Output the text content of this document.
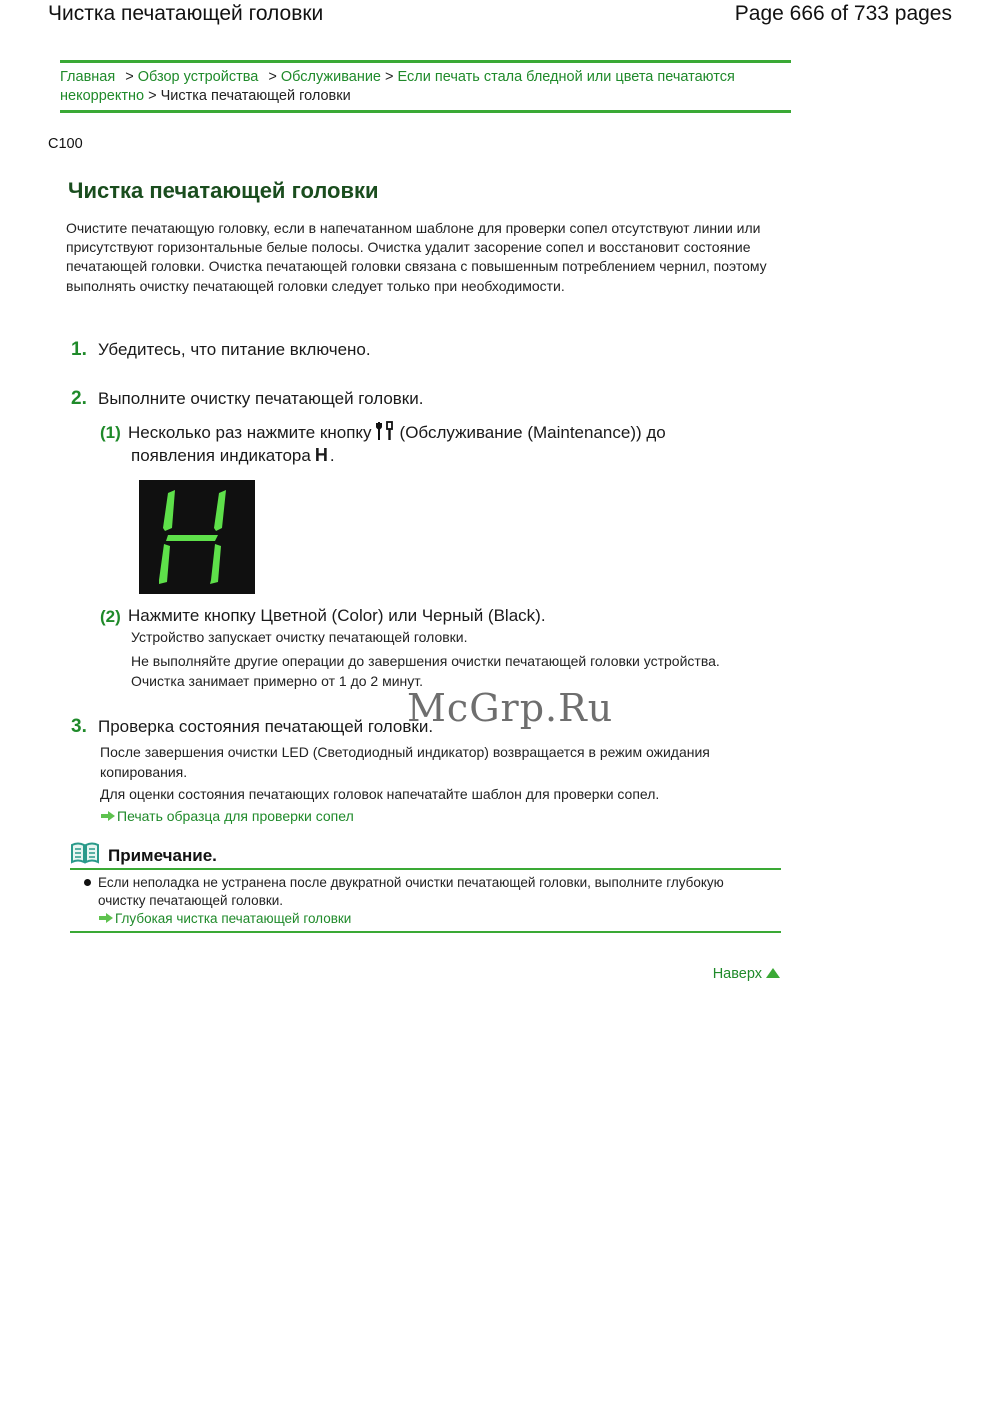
Чистка печатающей головки	Page 666 of 733 pages
Главная > Обзор устройства > Обслуживание > Если печать стала бледной или цвета печатаются некорректно > Чистка печатающей головки
C100
Чистка печатающей головки

Очистите печатающую головку, если в напечатанном шаблоне для проверки сопел отсутствуют линии или присутствуют горизонтальные белые полосы. Очистка удалит засорение сопел и восстановит состояние печатающей головки. Очистка печатающей головки связана с повышенным потреблением чернил, поэтому выполнять очистку печатающей головки следует только при необходимости.

1. Убедитесь, что питание включено.
2. Выполните очистку печатающей головки.
(1) Несколько раз нажмите кнопку (Обслуживание (Maintenance)) до
появления индикатора H .
(2) Нажмите кнопку Цветной (Color) или Черный (Black).

Устройство запускает очистку печатающей головки.

Не выполняйте другие операции до завершения очистки печатающей головки устройства. Очистка занимает примерно от 1 до 2 минут.

3. Проверка состояния печатающей головки.

После завершения очистки LED (Светодиодный индикатор) возвращается в режим ожидания копирования.

Для оценки состояния печатающих головок напечатайте шаблон для проверки сопел.

Печать образца для проверки сопел
Примечание.
Если неполадка не устранена после двукратной очистки печатающей головки, выполните глубокую очистку печатающей головки.
Глубокая чистка печатающей головки
Наверх
McGrp.Ru
